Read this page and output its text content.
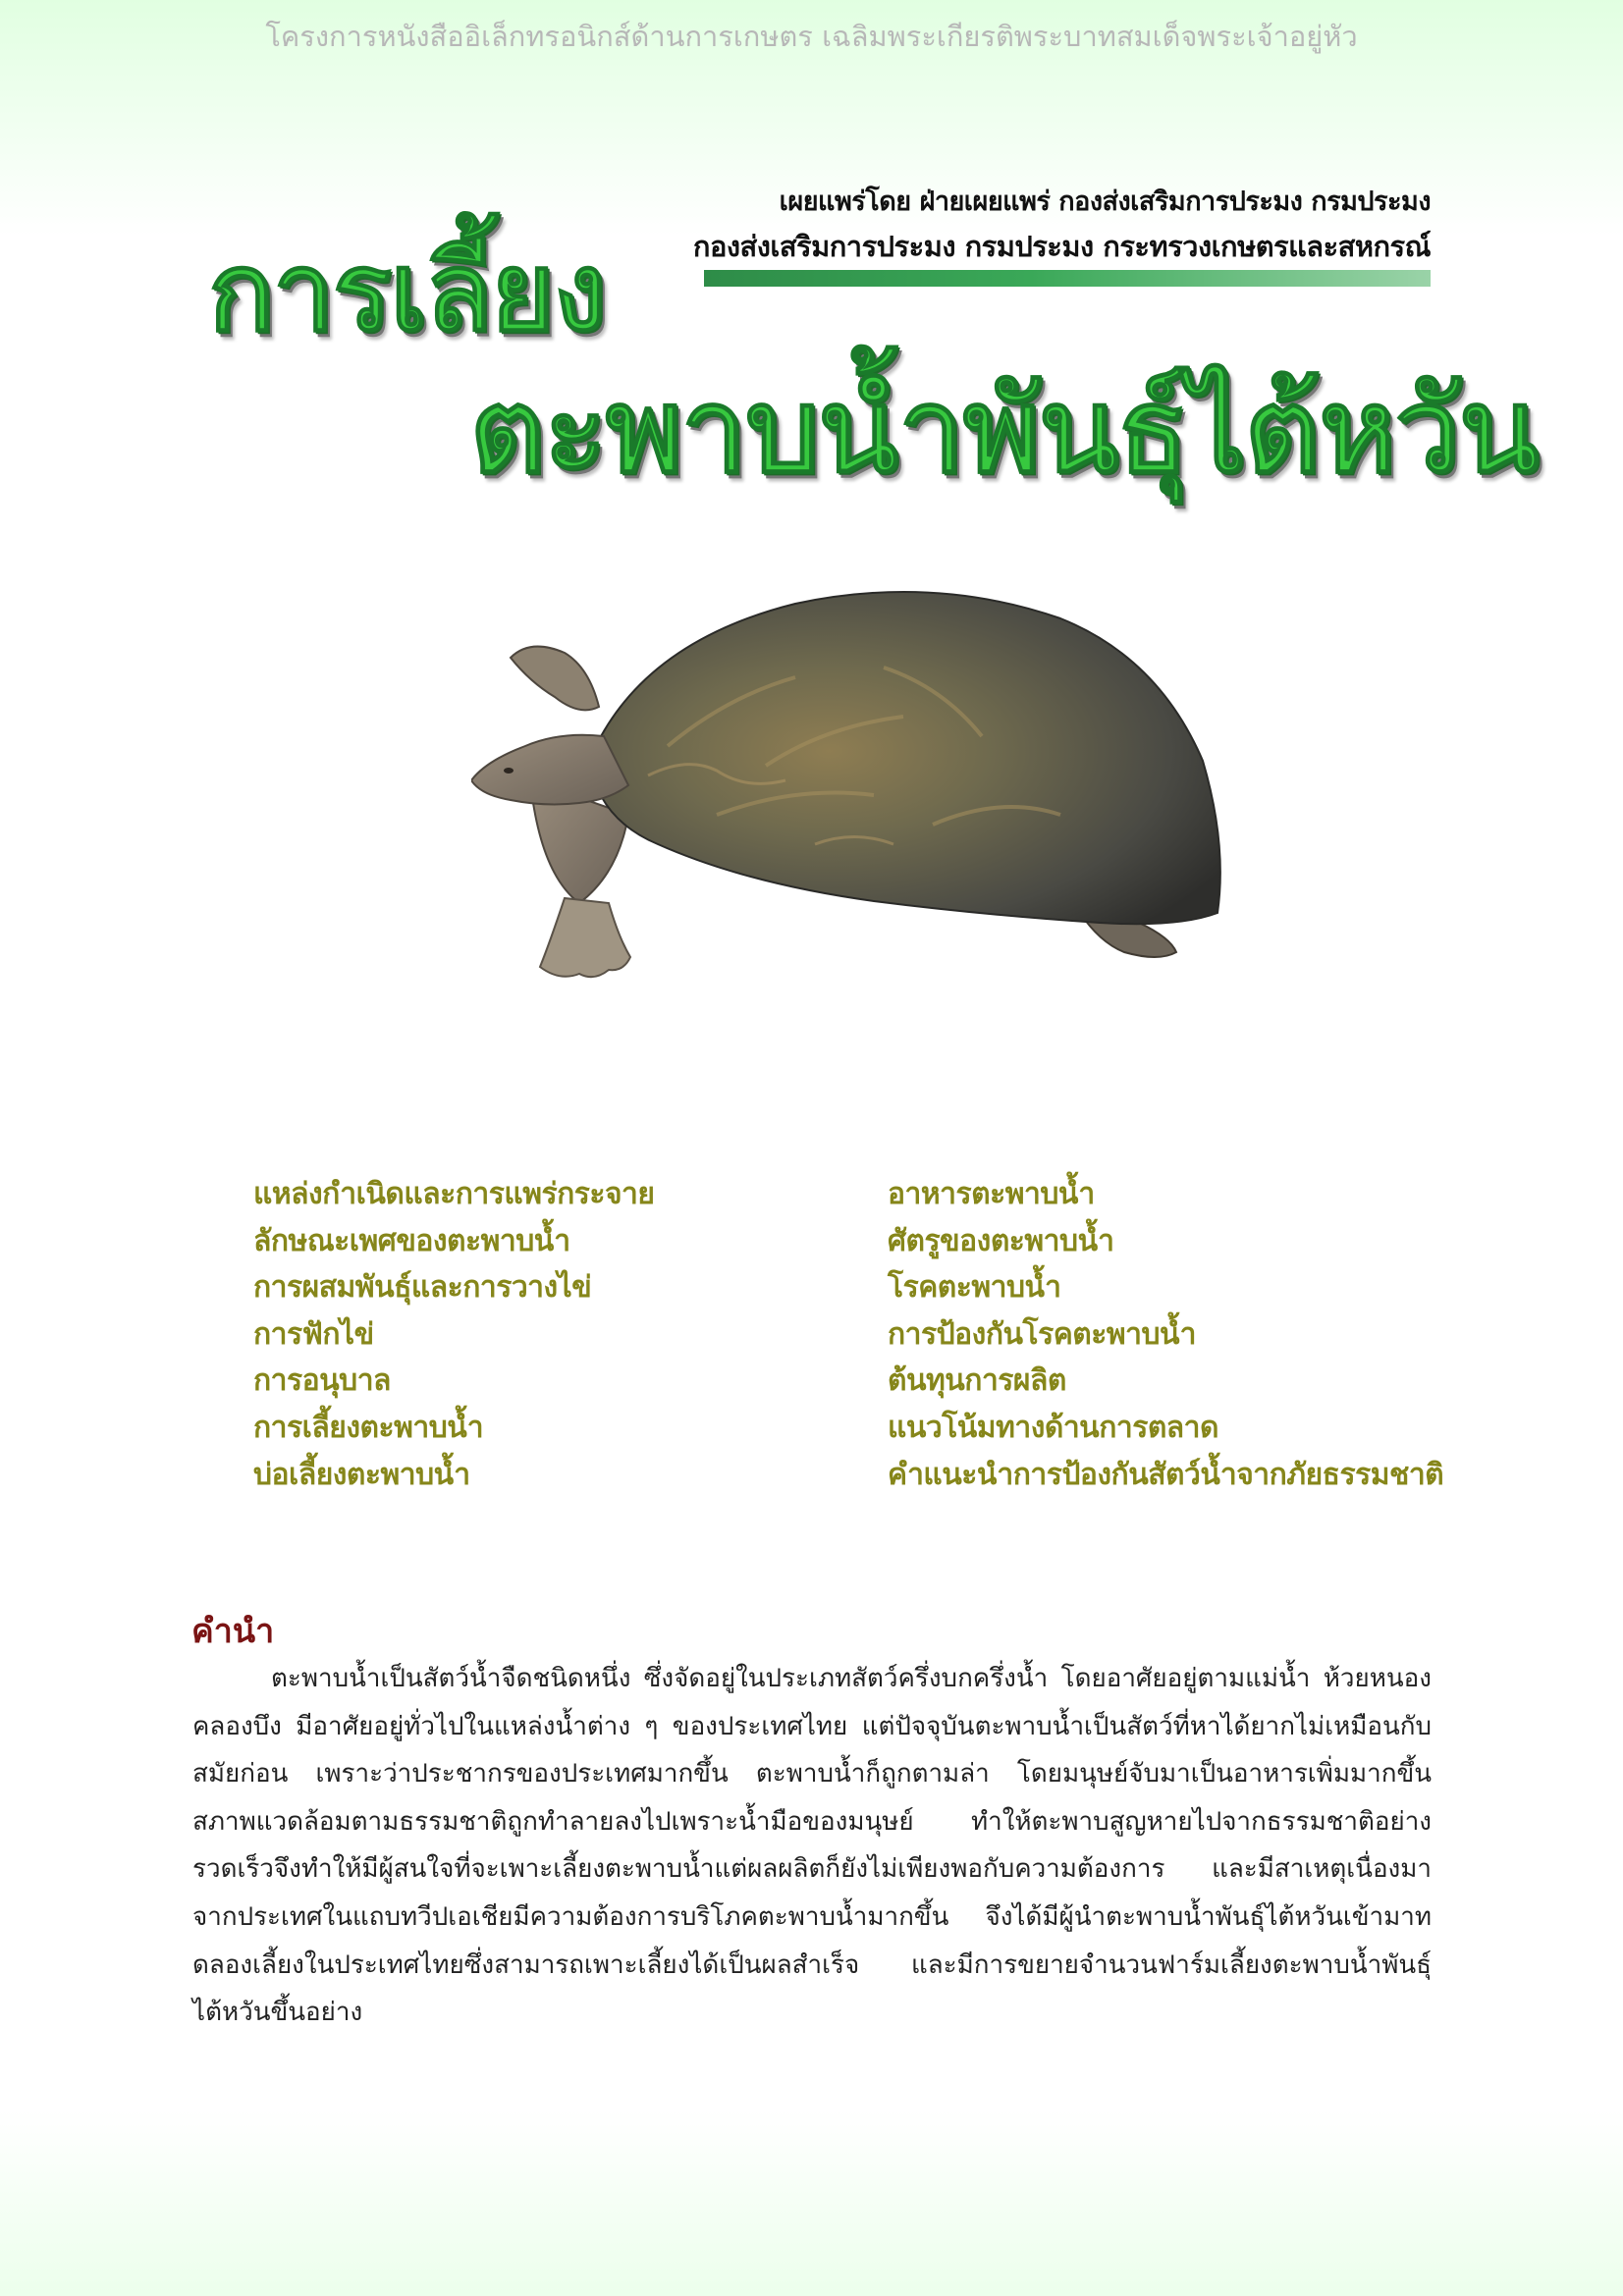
โครงการหนังสืออิเล็กทรอนิกส์ด้านการเกษตร เฉลิมพระเกียรติพระบาทสมเด็จพระเจ้าอยู่หัว
เผยแพร่โดย ฝ่ายเผยแพร่ กองส่งเสริมการประมง กรมประมง
กองส่งเสริมการประมง กรมประมง กระทรวงเกษตรและสหกรณ์
การเลี้ยง
ตะพาบน้ำพันธุ์ไต้หวัน
แหล่งกำเนิดและการแพร่กระจาย
ลักษณะเพศของตะพาบน้ำ
การผสมพันธุ์และการวางไข่
การฟักไข่
การอนุบาล
การเลี้ยงตะพาบน้ำ
บ่อเลี้ยงตะพาบน้ำ
อาหารตะพาบน้ำ
ศัตรูของตะพาบน้ำ
โรคตะพาบน้ำ
การป้องกันโรคตะพาบน้ำ
ต้นทุนการผลิต
แนวโน้มทางด้านการตลาด
คำแนะนำการป้องกันสัตว์น้ำจากภัยธรรมชาติ
คำนำ
ตะพาบน้ำเป็นสัตว์น้ำจืดชนิดหนึ่ง ซึ่งจัดอยู่ในประเภทสัตว์ครึ่งบกครึ่งน้ำ โดยอาศัยอยู่ตามแม่น้ำ ห้วยหนอง คลองบึง มีอาศัยอยู่ทั่วไปในแหล่งน้ำต่าง ๆ ของประเทศไทย แต่ปัจจุบันตะพาบน้ำเป็นสัตว์ที่หาได้ยากไม่เหมือนกับสมัยก่อน เพราะว่าประชากรของประเทศมากขึ้น ตะพาบน้ำก็ถูกตามล่า โดยมนุษย์จับมาเป็นอาหารเพิ่มมากขึ้น สภาพแวดล้อมตามธรรมชาติถูกทำลายลงไปเพราะน้ำมือของมนุษย์ ทำให้ตะพาบสูญหายไปจากธรรมชาติอย่างรวดเร็วจึงทำให้มีผู้สนใจที่จะเพาะเลี้ยงตะพาบน้ำแต่ผลผลิตก็ยังไม่เพียงพอกับความต้องการ และมีสาเหตุเนื่องมาจากประเทศในแถบทวีปเอเชียมีความต้องการบริโภคตะพาบน้ำมากขึ้น จึงได้มีผู้นำตะพาบน้ำพันธุ์ไต้หวันเข้ามาทดลองเลี้ยงในประเทศไทยซึ่งสามารถเพาะเลี้ยงได้เป็นผลสำเร็จ และมีการขยายจำนวนฟาร์มเลี้ยงตะพาบน้ำพันธุ์ไต้หวันขึ้นอย่าง
